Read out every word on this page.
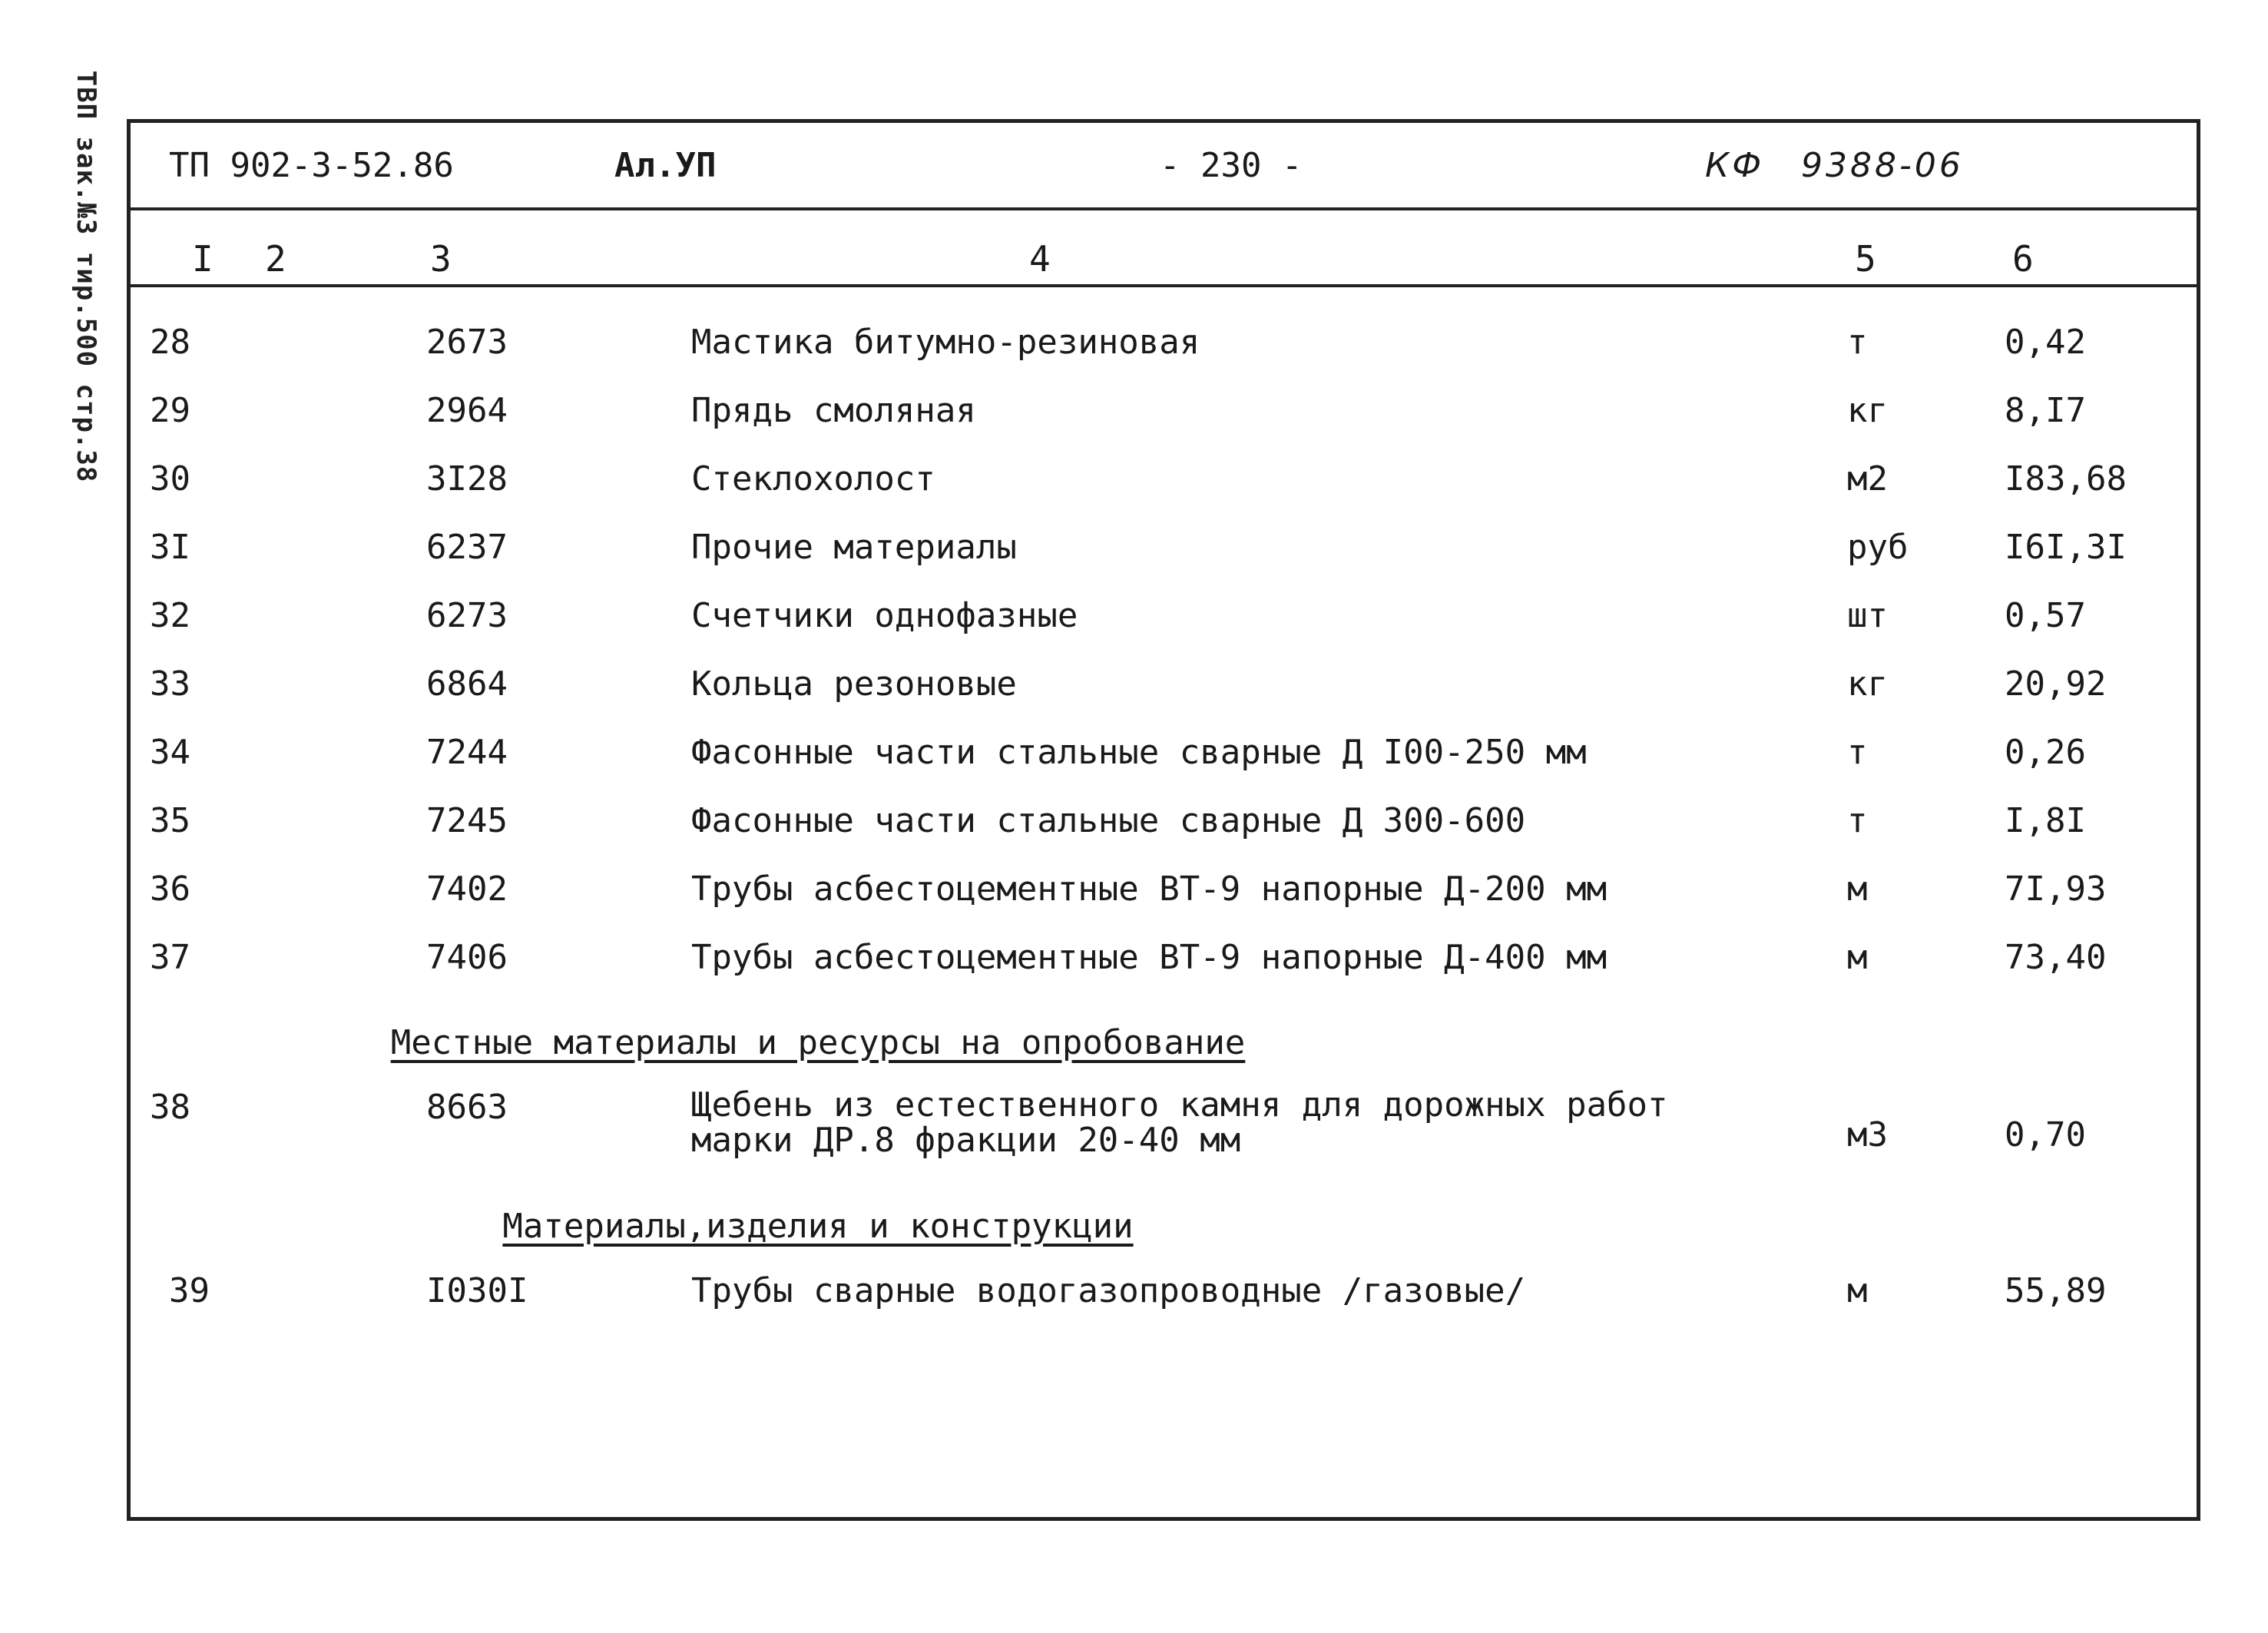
ТВП зак.№3 тир.500 стр.38 ТП 902-3-52.86	Ал.УП	- 230 -	КФ 9388-06
I 2	3	4	5	6
28	2673	Мастика битумно-резиновая	т	0,42
29	2964	Прядь смоляная	кг	8,I7
30	3I28	Стеклохолост	м2	I83,68
3I	6237	Прочие материалы	руб	I6I,3I
32	6273	Счетчики однофазные	шт	0,57
33	6864	Кольца резоновые	кг	20,92
34	7244	Фасонные части стальные сварные Д I00-250 мм	т	0,26
35	7245	Фасонные части стальные сварные Д 300-600	т	I,8I
36	7402	Трубы асбестоцементные ВТ-9 напорные Д-200 мм	м	7I,93
37	7406	Трубы асбестоцементные ВТ-9 напорные Д-400 мм	м	73,40
Местные материалы и ресурсы на опробование
38	8663	Щебень из естественного камня для дорожных работ
марки ДР.8 фракции 20-40 мм	м3	0,70
Материалы,изделия и конструкции
39	I030I	Трубы сварные водогазопроводные /газовые/	м	55,89
